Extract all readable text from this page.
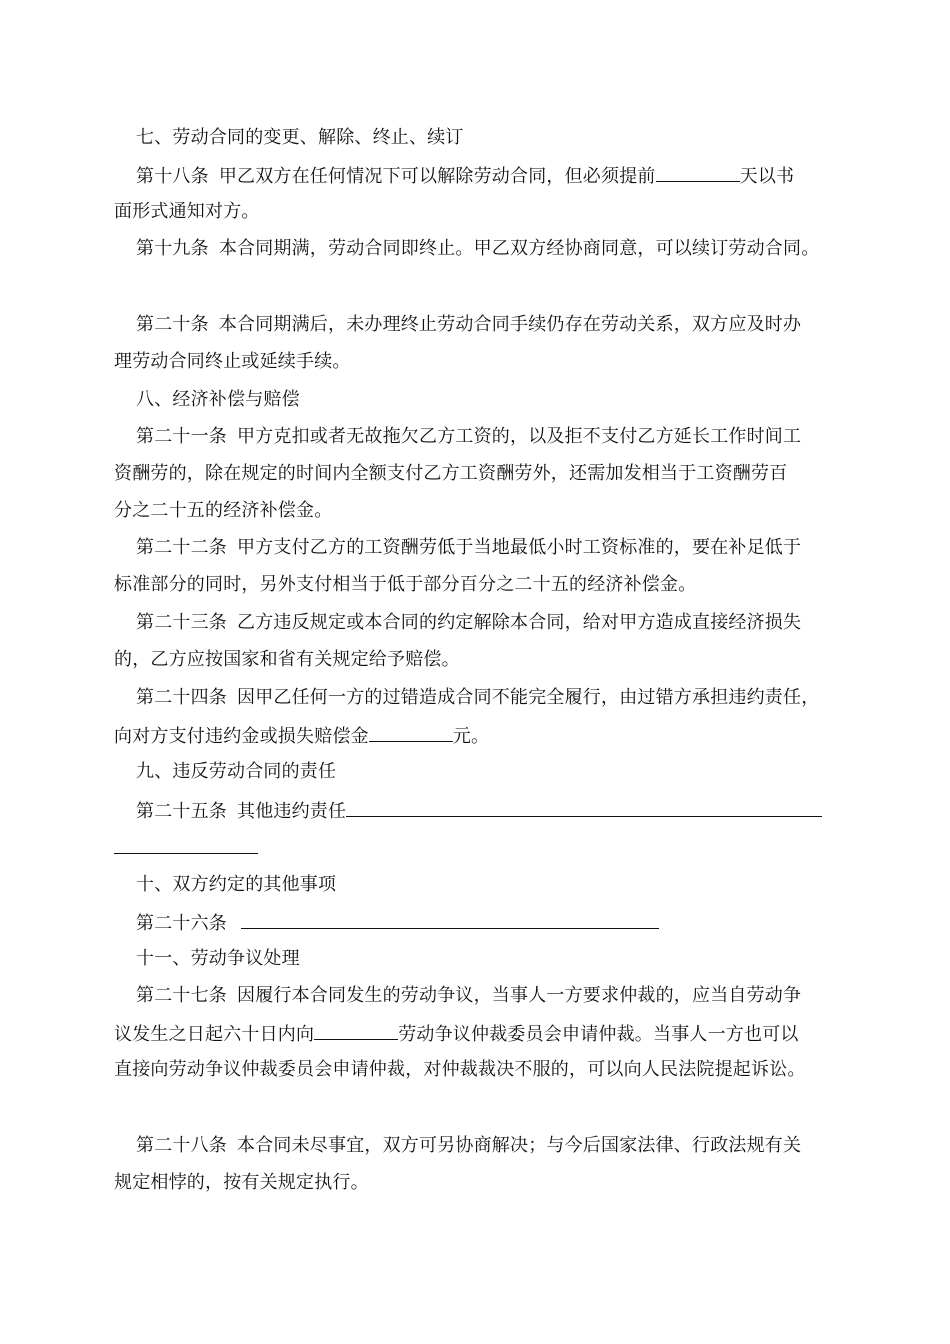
七、劳动合同的变更、解除、终止、续订
第十八条 甲乙双方在任何情况下可以解除劳动合同，但必须提前	天以书
面形式通知对方。
第十九条 本合同期满，劳动合同即终止。甲乙双方经协商同意，可以续订劳动合同。
第二十条 本合同期满后，未办理终止劳动合同手续仍存在劳动关系，双方应及时办
理劳动合同终止或延续手续。
八、经济补偿与赔偿
第二十一条 甲方克扣或者无故拖欠乙方工资的，以及拒不支付乙方延长工作时间工
资酬劳的，除在规定的时间内全额支付乙方工资酬劳外，还需加发相当于工资酬劳百
分之二十五的经济补偿金。
第二十二条 甲方支付乙方的工资酬劳低于当地最低小时工资标准的，要在补足低于
标准部分的同时，另外支付相当于低于部分百分之二十五的经济补偿金。
第二十三条 乙方违反规定或本合同的约定解除本合同，给对甲方造成直接经济损失
的，乙方应按国家和省有关规定给予赔偿。
第二十四条 因甲乙任何一方的过错造成合同不能完全履行，由过错方承担违约责任，
向对方支付违约金或损失赔偿金	元。
九、违反劳动合同的责任
第二十五条 其他违约责任
十、双方约定的其他事项
第二十六条
十一、劳动争议处理
第二十七条 因履行本合同发生的劳动争议，当事人一方要求仲裁的，应当自劳动争
议发生之日起六十日内向	劳动争议仲裁委员会申请仲裁。当事人一方也可以
直接向劳动争议仲裁委员会申请仲裁，对仲裁裁决不服的，可以向人民法院提起诉讼。
第二十八条 本合同未尽事宜，双方可另协商解决；与今后国家法律、行政法规有关
规定相悖的，按有关规定执行。
